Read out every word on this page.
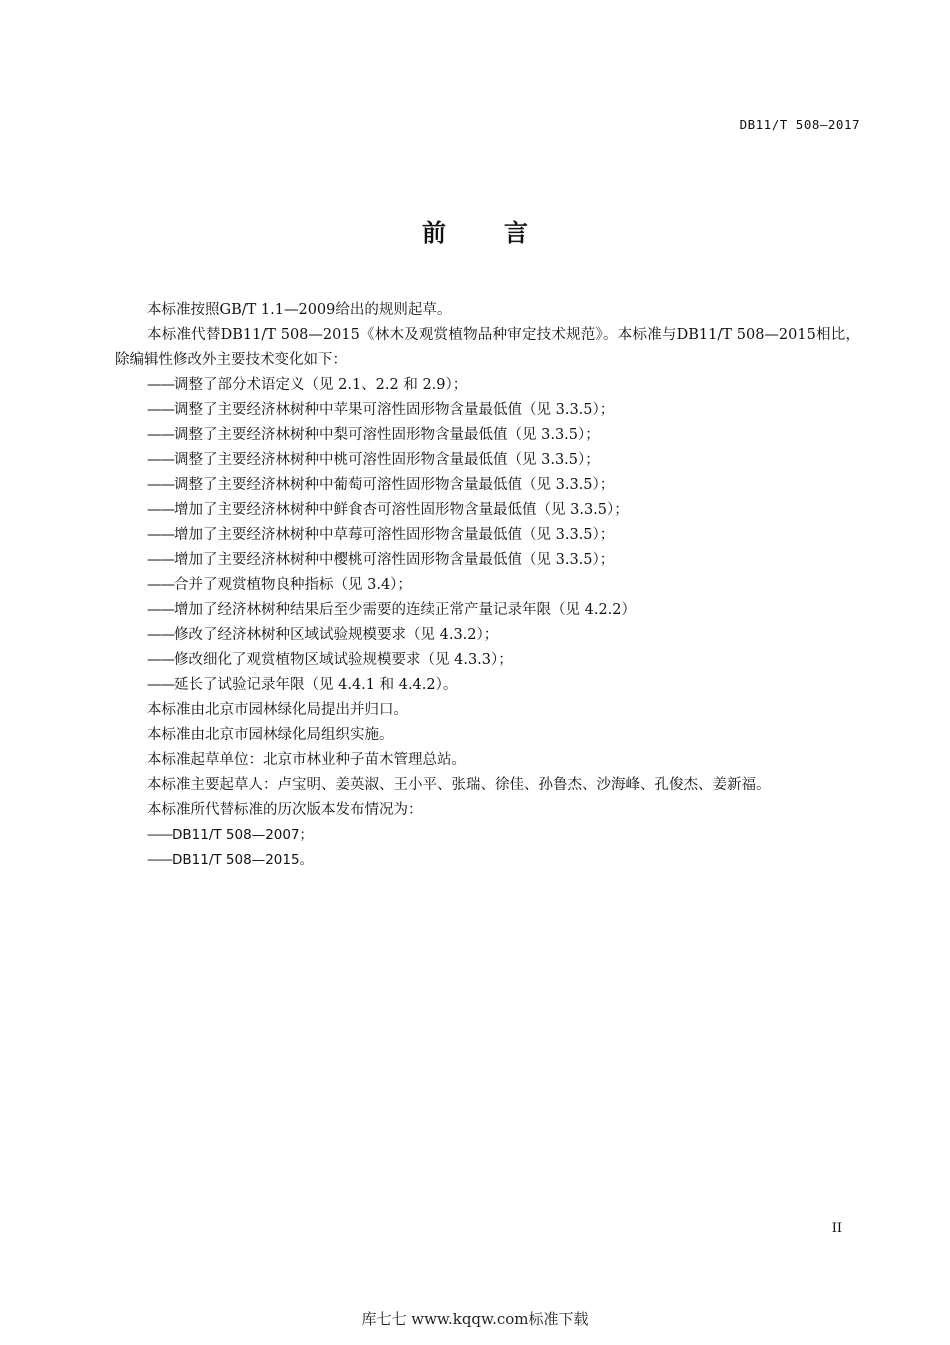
DB11/T 508—2017
前言

本标准按照GB/T 1.1—2009给出的规则起草。

本标准代替DB11/T 508—2015《林木及观赏植物品种审定技术规范》。本标准与DB11/T 508—2015相比，除编辑性修改外主要技术变化如下：

——调整了部分术语定义（见 2.1、2.2 和 2.9）；

——调整了主要经济林树种中苹果可溶性固形物含量最低值（见 3.3.5）；

——调整了主要经济林树种中梨可溶性固形物含量最低值（见 3.3.5）；

——调整了主要经济林树种中桃可溶性固形物含量最低值（见 3.3.5）；

——调整了主要经济林树种中葡萄可溶性固形物含量最低值（见 3.3.5）；

——增加了主要经济林树种中鲜食杏可溶性固形物含量最低值（见 3.3.5）；

——增加了主要经济林树种中草莓可溶性固形物含量最低值（见 3.3.5）；

——增加了主要经济林树种中樱桃可溶性固形物含量最低值（见 3.3.5）；

——合并了观赏植物良种指标（见 3.4）；

——增加了经济林树种结果后至少需要的连续正常产量记录年限（见 4.2.2）

——修改了经济林树种区域试验规模要求（见 4.3.2）；

——修改细化了观赏植物区域试验规模要求（见 4.3.3）；

——延长了试验记录年限（见 4.4.1 和 4.4.2）。

本标准由北京市园林绿化局提出并归口。

本标准由北京市园林绿化局组织实施。

本标准起草单位：北京市林业种子苗木管理总站。

本标准主要起草人：卢宝明、姜英淑、王小平、张瑞、徐佳、孙鲁杰、沙海峰、孔俊杰、姜新福。

本标准所代替标准的历次版本发布情况为：

——DB11/T 508—2007；

——DB11/T 508—2015。

II
库七七 www.kqqw.com标准下载
